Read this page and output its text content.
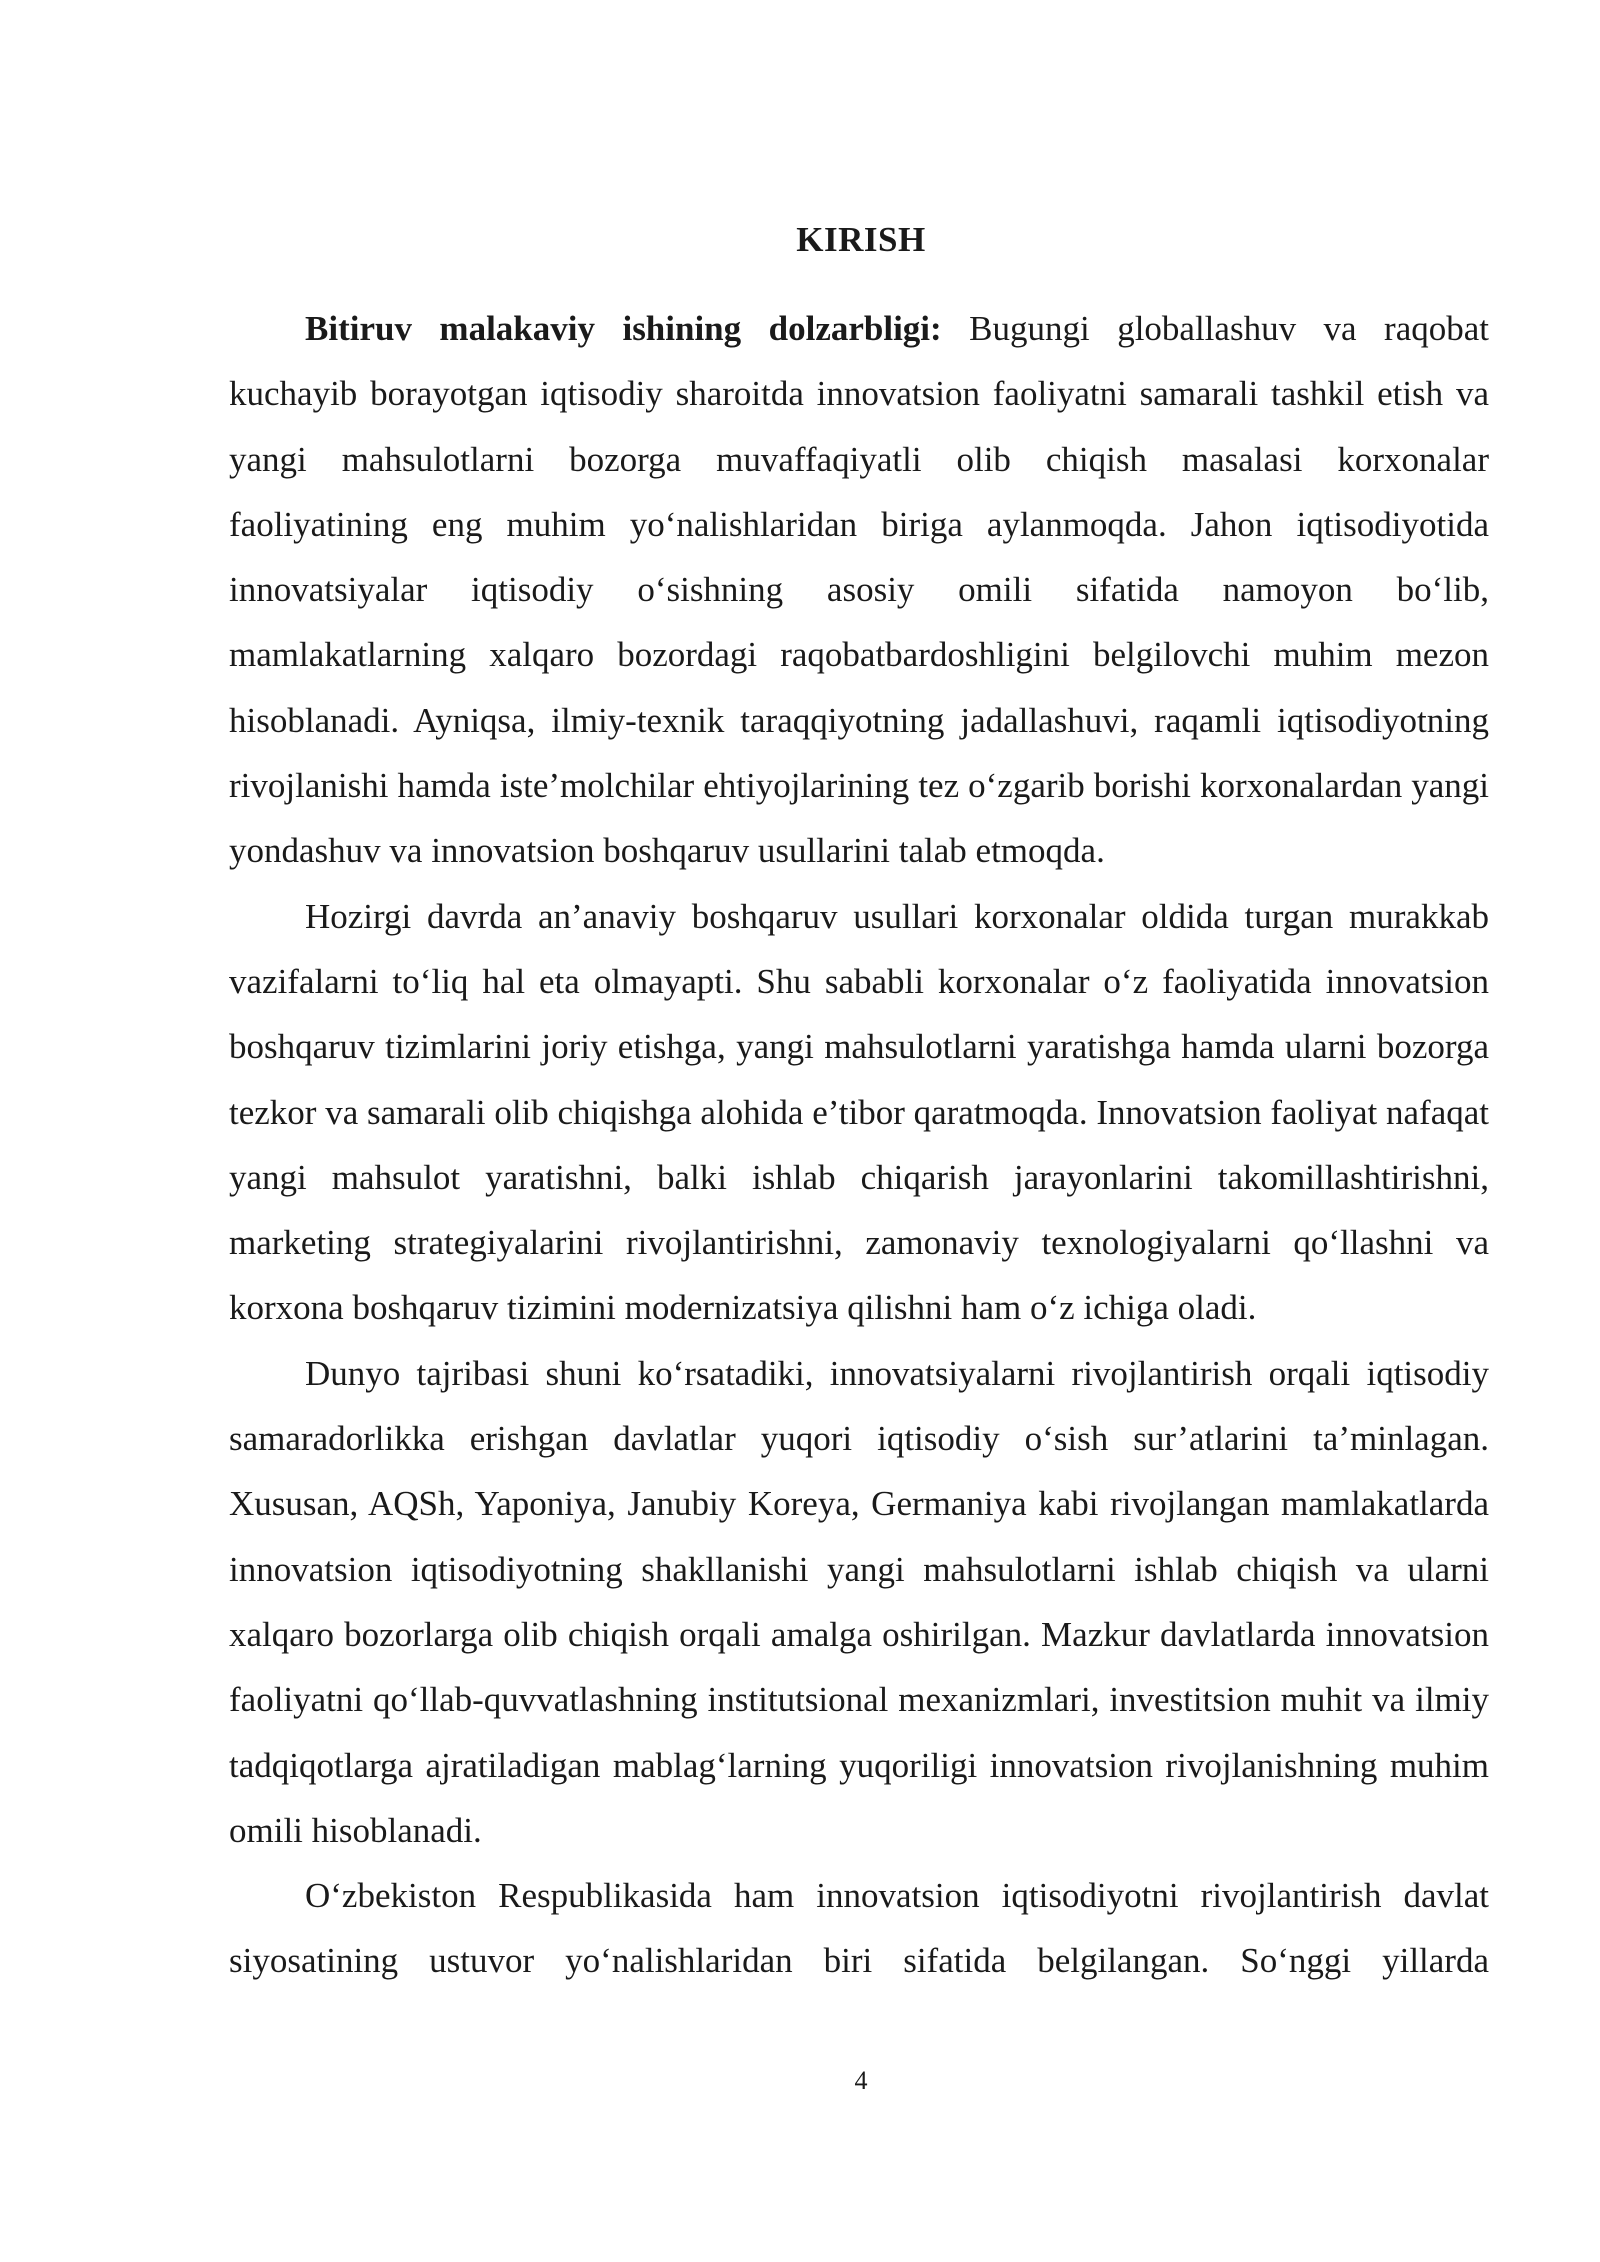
KIRISH

Bitiruv malakaviy ishining dolzarbligi: Bugungi globallashuv va raqobat kuchayib borayotgan iqtisodiy sharoitda innovatsion faoliyatni samarali tashkil etish va yangi mahsulotlarni bozorga muvaffaqiyatli olib chiqish masalasi korxonalar faoliyatining eng muhim yo‘nalishlaridan biriga aylanmoqda. Jahon iqtisodiyotida innovatsiyalar iqtisodiy o‘sishning asosiy omili sifatida namoyon bo‘lib, mamlakatlarning xalqaro bozordagi raqobatbardoshligini belgilovchi muhim mezon hisoblanadi. Ayniqsa, ilmiy-texnik taraqqiyotning jadallashuvi, raqamli iqtisodiyotning rivojlanishi hamda iste’molchilar ehtiyojlarining tez o‘zgarib borishi korxonalardan yangi yondashuv va innovatsion boshqaruv usullarini talab etmoqda.

Hozirgi davrda an’anaviy boshqaruv usullari korxonalar oldida turgan murakkab vazifalarni to‘liq hal eta olmayapti. Shu sababli korxonalar o‘z faoliyatida innovatsion boshqaruv tizimlarini joriy etishga, yangi mahsulotlarni yaratishga hamda ularni bozorga tezkor va samarali olib chiqishga alohida e’tibor qaratmoqda. Innovatsion faoliyat nafaqat yangi mahsulot yaratishni, balki ishlab chiqarish jarayonlarini takomillashtirishni, marketing strategiyalarini rivojlantirishni, zamonaviy texnologiyalarni qo‘llashni va korxona boshqaruv tizimini modernizatsiya qilishni ham o‘z ichiga oladi.

Dunyo tajribasi shuni ko‘rsatadiki, innovatsiyalarni rivojlantirish orqali iqtisodiy samaradorlikka erishgan davlatlar yuqori iqtisodiy o‘sish sur’atlarini ta’minlagan. Xususan, AQSh, Yaponiya, Janubiy Koreya, Germaniya kabi rivojlangan mamlakatlarda innovatsion iqtisodiyotning shakllanishi yangi mahsulotlarni ishlab chiqish va ularni xalqaro bozorlarga olib chiqish orqali amalga oshirilgan. Mazkur davlatlarda innovatsion faoliyatni qo‘llab-quvvatlashning institutsional mexanizmlari, investitsion muhit va ilmiy tadqiqotlarga ajratiladigan mablag‘larning yuqoriligi innovatsion rivojlanishning muhim omili hisoblanadi.

O‘zbekiston Respublikasida ham innovatsion iqtisodiyotni rivojlantirish davlat siyosatining ustuvor yo‘nalishlaridan biri sifatida belgilangan. So‘nggi yillarda

4
